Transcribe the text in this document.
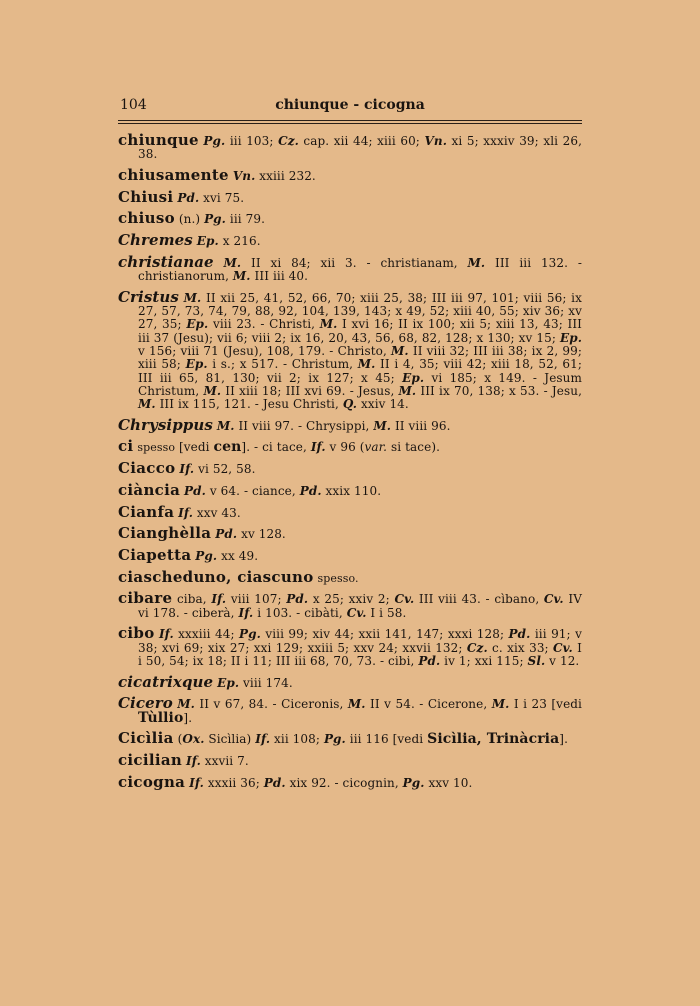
104	chiunque - cicogna

chiunque Pg. iii 103; Cz. cap. xii 44; xiii 60; Vn. xi 5; xxxiv 39; xli 26, 38.

chiusamente Vn. xxiii 232.

Chiusi Pd. xvi 75.

chiuso (n.) Pg. iii 79.

Chremes Ep. x 216.

christianae M. II xi 84; xii 3. - christianam, M. III iii 132. - christianorum, M. III iii 40.

Cristus M. II xii 25, 41, 52, 66, 70; xiii 25, 38; III iii 97, 101; viii 56; ix 27, 57, 73, 74, 79, 88, 92, 104, 139, 143; x 49, 52; xiii 40, 55; xiv 36; xv 27, 35; Ep. viii 23. - Christi, M. I xvi 16; II ix 100; xii 5; xiii 13, 43; III iii 37 (Jesu); vii 6; viii 2; ix 16, 20, 43, 56, 68, 82, 128; x 130; xv 15; Ep. v 156; viii 71 (Jesu), 108, 179. - Christo, M. II viii 32; III iii 38; ix 2, 99; xiii 58; Ep. i s.; x 517. - Christum, M. II i 4, 35; viii 42; xiii 18, 52, 61; III iii 65, 81, 130; vii 2; ix 127; x 45; Ep. vi 185; x 149. - Jesum Christum, M. II xiii 18; III xvi 69. - Jesus, M. III ix 70, 138; x 53. - Jesu, M. III ix 115, 121. - Jesu Christi, Q. xxiv 14.

Chrysippus M. II viii 97. - Chrysippi, M. II viii 96.

ci spesso [vedi cen]. - ci tace, If. v 96 (var. si tace).

Ciacco If. vi 52, 58.

ciància Pd. v 64. - ciance, Pd. xxix 110.

Cianfa If. xxv 43.

Cianghèlla Pd. xv 128.

Ciapetta Pg. xx 49.

ciascheduno, ciascuno spesso.

cibare ciba, If. viii 107; Pd. x 25; xxiv 2; Cv. III viii 43. - cìbano, Cv. IV vi 178. - ciberà, If. i 103. - cibàti, Cv. I i 58.

cibo If. xxxiii 44; Pg. viii 99; xiv 44; xxii 141, 147; xxxi 128; Pd. iii 91; v 38; xvi 69; xix 27; xxi 129; xxiii 5; xxv 24; xxvii 132; Cz. c. xix 33; Cv. I i 50, 54; ix 18; II i 11; III iii 68, 70, 73. - cibi, Pd. iv 1; xxi 115; Sl. v 12.

cicatrixque Ep. viii 174.

Cicero M. II v 67, 84. - Ciceronis, M. II v 54. - Cicerone, M. I i 23 [vedi Tùllio].

Cicìlia (Ox. Sicìlia) If. xii 108; Pg. iii 116 [vedi Sicìlia, Trinàcria].

cicilian If. xxvii 7.

cicogna If. xxxii 36; Pd. xix 92. - cicognin, Pg. xxv 10.
